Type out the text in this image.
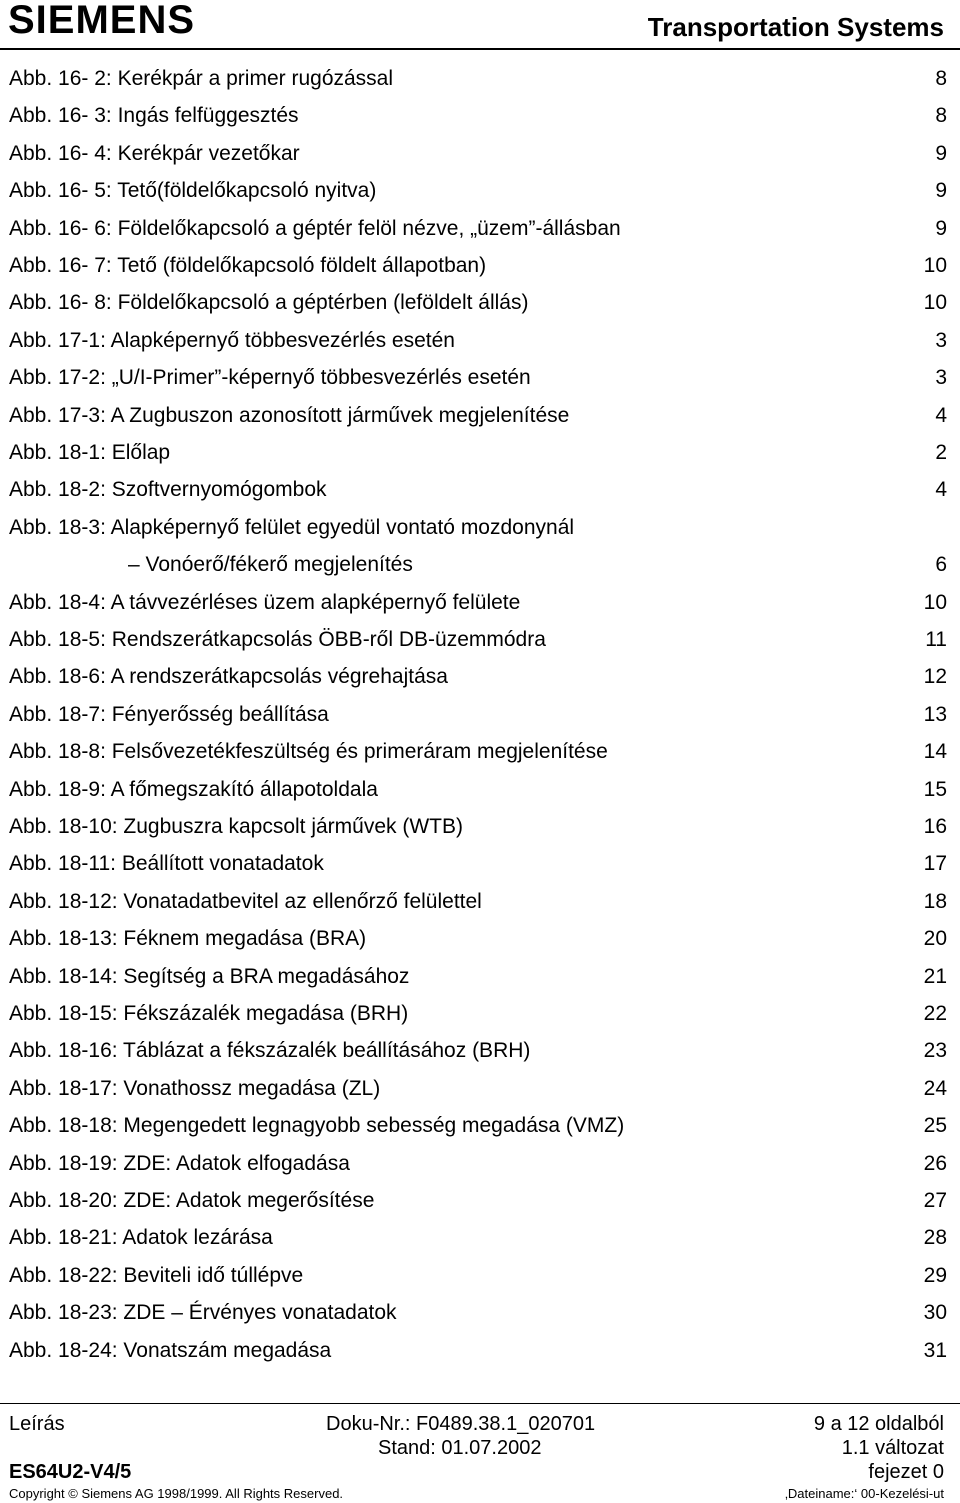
SIEMENS	Transportation Systems
Abb. 16- 2: Kerékpár a primer rugózással	8
Abb. 16- 3: Ingás felfüggesztés	8
Abb. 16- 4: Kerékpár vezetőkar	9
Abb. 16- 5: Tető(földelőkapcsoló nyitva)	9
Abb. 16- 6: Földelőkapcsoló a géptér felöl nézve, „üzem”-állásban	9
Abb. 16- 7: Tető (földelőkapcsoló földelt állapotban)	10
Abb. 16- 8: Földelőkapcsoló a géptérben (leföldelt állás)	10
Abb. 17-1: Alapképernyő többesvezérlés esetén	3
Abb. 17-2: „U/I-Primer”-képernyő többesvezérlés esetén	3
Abb. 17-3: A Zugbuszon azonosított járművek megjelenítése	4
Abb. 18-1: Előlap	2
Abb. 18-2: Szoftvernyomógombok	4
Abb. 18-3: Alapképernyő felület egyedül vontató mozdonynál
– Vonóerő/fékerő megjelenítés	6
Abb. 18-4: A távvezérléses üzem alapképernyő felülete	10
Abb. 18-5: Rendszerátkapcsolás ÖBB-ről DB-üzemmódra	11
Abb. 18-6: A rendszerátkapcsolás végrehajtása	12
Abb. 18-7: Fényerősség beállítása	13
Abb. 18-8: Felsővezetékfeszültség és primeráram megjelenítése	14
Abb. 18-9: A főmegszakító állapotoldala	15
Abb. 18-10: Zugbuszra kapcsolt járművek (WTB)	16
Abb. 18-11: Beállított vonatadatok	17
Abb. 18-12: Vonatadatbevitel az ellenőrző felülettel	18
Abb. 18-13: Féknem megadása (BRA)	20
Abb. 18-14: Segítség a BRA megadásához	21
Abb. 18-15: Fékszázalék megadása (BRH)	22
Abb. 18-16: Táblázat a fékszázalék beállításához (BRH)	23
Abb. 18-17: Vonathossz megadása (ZL)	24
Abb. 18-18: Megengedett legnagyobb sebesség megadása (VMZ)	25
Abb. 18-19: ZDE: Adatok elfogadása	26
Abb. 18-20: ZDE: Adatok megerősítése	27
Abb. 18-21: Adatok lezárása	28
Abb. 18-22: Beviteli idő túllépve	29
Abb. 18-23: ZDE – Érvényes vonatadatok	30
Abb. 18-24: Vonatszám megadása	31
Leírás	Doku-Nr.: F0489.38.1_020701	9 a 12 oldalból
Stand: 01.07.2002	1.1 változat
ES64U2-V4/5	fejezet 0
Copyright © Siemens AG 1998/1999. All Rights Reserved.	‚Dateiname:‘ 00-Kezelési-ut
